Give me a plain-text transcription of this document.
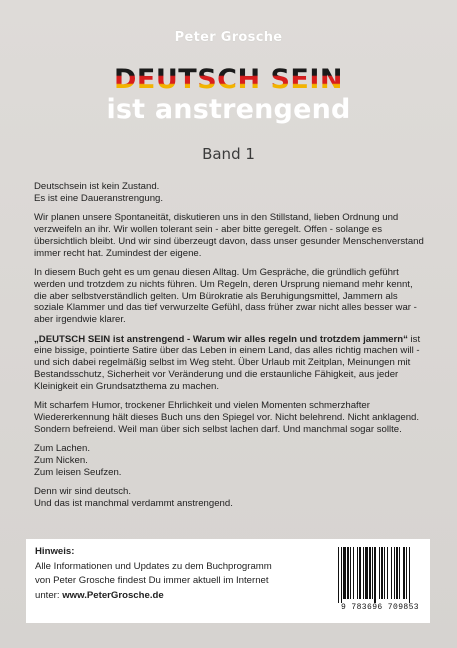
Peter Grosche
DEUTSCH SEIN
ist anstrengend
Band 1

Deutschsein ist kein Zustand.
Es ist eine Daueranstrengung.

Wir planen unsere Spontaneität, diskutieren uns in den Stillstand, lieben Ordnung und verzweifeln an ihr. Wir wollen tolerant sein - aber bitte geregelt. Offen - solange es übersichtlich bleibt. Und wir sind überzeugt davon, dass unser gesunder Menschenverstand immer recht hat. Zumindest der eigene.

In diesem Buch geht es um genau diesen Alltag. Um Gespräche, die gründlich geführt werden und trotzdem zu nichts führen. Um Regeln, deren Ursprung niemand mehr kennt, die aber selbstverständlich gelten. Um Bürokratie als Beruhigungsmittel, Jammern als soziale Klammer und das tief verwurzelte Gefühl, dass früher zwar nicht alles besser war - aber irgendwie klarer.

„DEUTSCH SEIN ist anstrengend - Warum wir alles regeln und trotzdem jammern“ ist eine bissige, pointierte Satire über das Leben in einem Land, das alles richtig machen will - und sich dabei regelmäßig selbst im Weg steht. Über Urlaub mit Zeitplan, Meinungen mit Bestandsschutz, Sicherheit vor Veränderung und die erstaunliche Fähigkeit, aus jeder Kleinigkeit ein Grundsatzthema zu machen.

Mit scharfem Humor, trockener Ehrlichkeit und vielen Momenten schmerzhafter Wiedererkennung hält dieses Buch uns den Spiegel vor. Nicht belehrend. Nicht anklagend. Sondern befreiend. Weil man über sich selbst lachen darf. Und manchmal sogar sollte.

Zum Lachen.
Zum Nicken.
Zum leisen Seufzen.

Denn wir sind deutsch.
Und das ist manchmal verdammt anstrengend.

Hinweis:
Alle Informationen und Updates zu dem Buchprogramm
von Peter Grosche findest Du immer aktuell im Internet
unter: www.PeterGrosche.de
9 783696 709853
